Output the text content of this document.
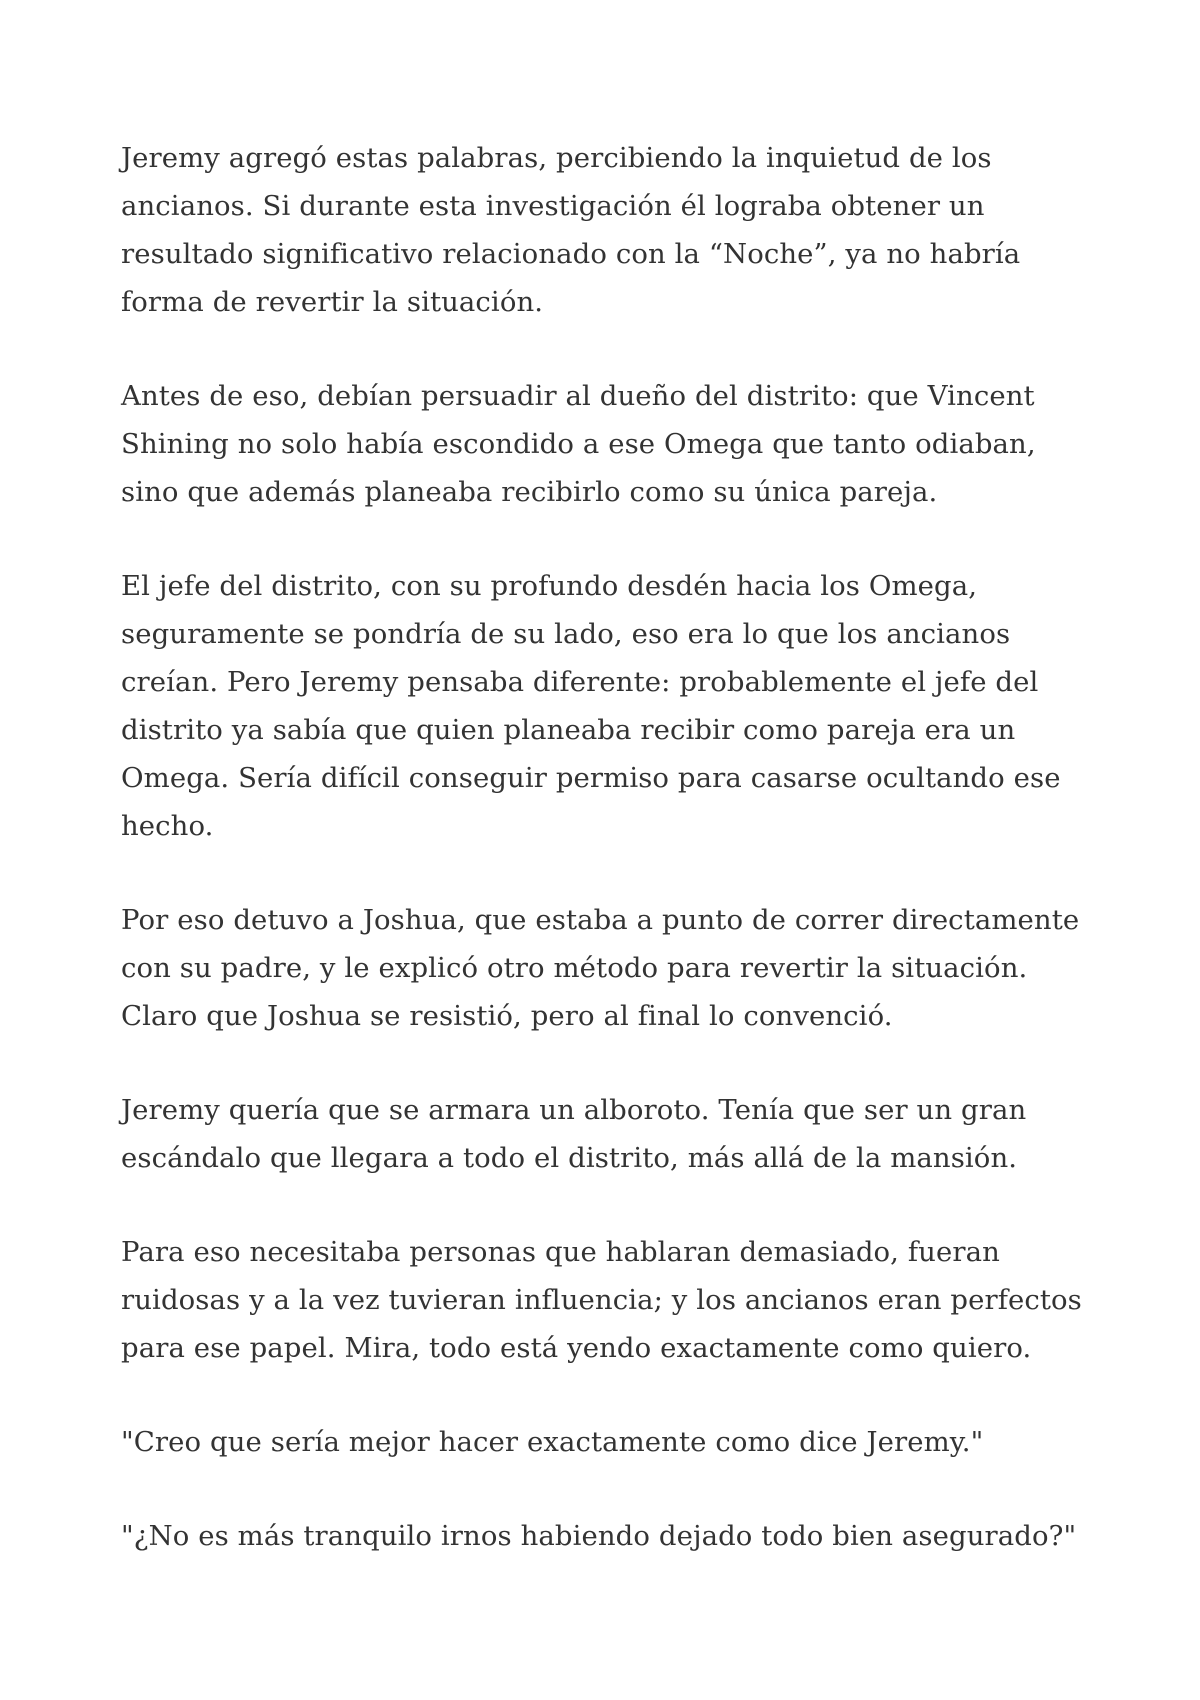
Jeremy agregó estas palabras, percibiendo la inquietud de los ancianos. Si durante esta investigación él lograba obtener un resultado significativo relacionado con la “Noche”, ya no habría forma de revertir la situación.

Antes de eso, debían persuadir al dueño del distrito: que Vincent Shining no solo había escondido a ese Omega que tanto odiaban, sino que además planeaba recibirlo como su única pareja.

El jefe del distrito, con su profundo desdén hacia los Omega, seguramente se pondría de su lado, eso era lo que los ancianos creían. Pero Jeremy pensaba diferente: probablemente el jefe del distrito ya sabía que quien planeaba recibir como pareja era un Omega. Sería difícil conseguir permiso para casarse ocultando ese hecho.

Por eso detuvo a Joshua, que estaba a punto de correr directamente con su padre, y le explicó otro método para revertir la situación. Claro que Joshua se resistió, pero al final lo convenció.

Jeremy quería que se armara un alboroto. Tenía que ser un gran escándalo que llegara a todo el distrito, más allá de la mansión.

Para eso necesitaba personas que hablaran demasiado, fueran ruidosas y a la vez tuvieran influencia; y los ancianos eran perfectos para ese papel. Mira, todo está yendo exactamente como quiero.

"Creo que sería mejor hacer exactamente como dice Jeremy."

"¿No es más tranquilo irnos habiendo dejado todo bien asegurado?"
